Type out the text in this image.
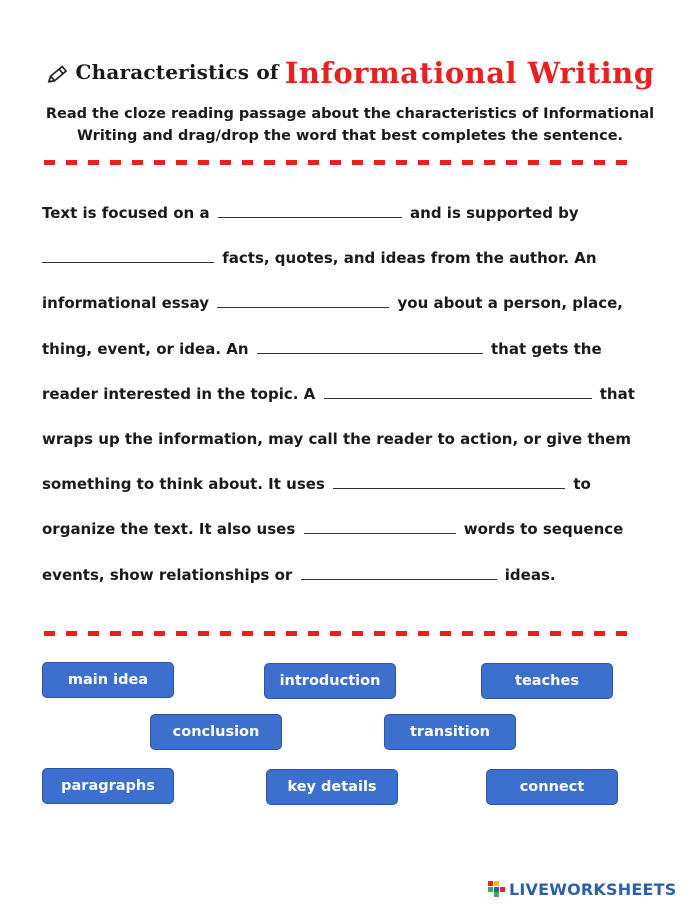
Characteristics of Informational Writing
Read the cloze reading passage about the characteristics of Informational
Writing and drag/drop the word that best completes the sentence.
Text is focused on a	and is supported by
facts, quotes, and ideas from the author. An
informational essay	you about a person, place,
thing, event, or idea. An	that gets the
reader interested in the topic. A	that
wraps up the information, may call the reader to action, or give them
something to think about. It uses	to
organize the text. It also uses	words to sequence
events, show relationships or	ideas.
main idea	introduction	teaches
conclusion	transition
paragraphs	key details	connect
LIVEWORKSHEETS
